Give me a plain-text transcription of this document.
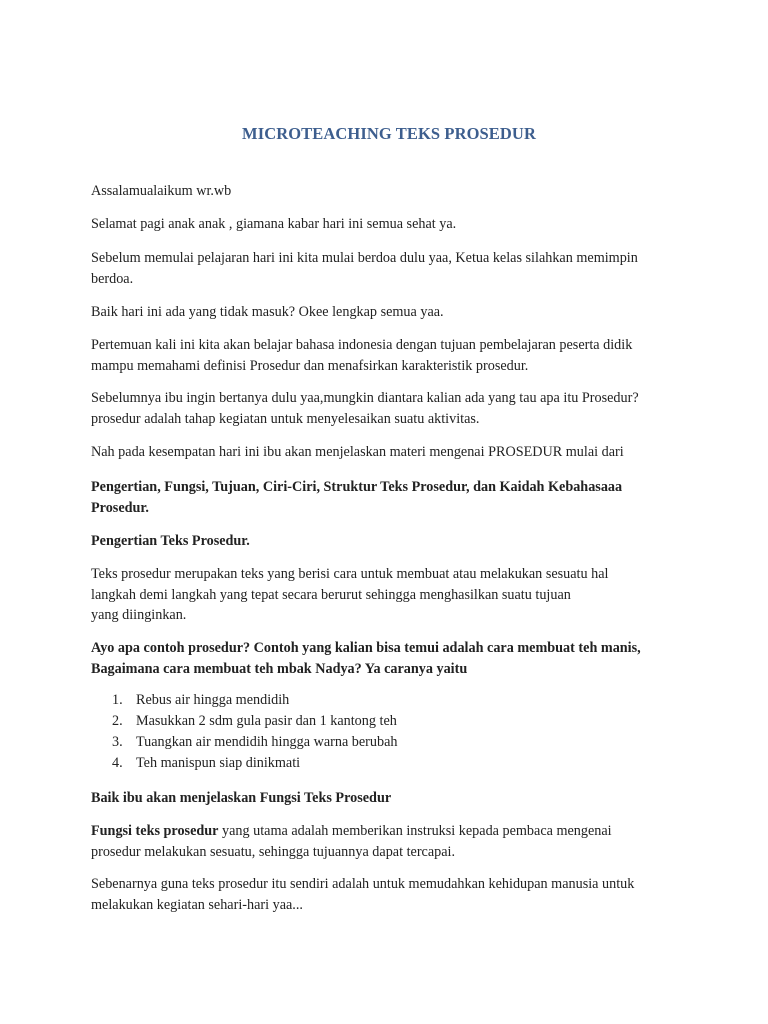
MICROTEACHING TEKS PROSEDUR
Assalamualaikum wr.wb
Selamat pagi anak anak , giamana kabar hari ini semua sehat ya.
Sebelum memulai pelajaran hari ini kita mulai berdoa dulu yaa, Ketua kelas silahkan memimpin
berdoa.
Baik hari ini ada yang tidak masuk? Okee lengkap semua yaa.
Pertemuan kali ini kita akan belajar bahasa indonesia dengan tujuan pembelajaran peserta didik
mampu memahami definisi Prosedur dan menafsirkan karakteristik prosedur.
Sebelumnya ibu ingin bertanya dulu yaa,mungkin diantara kalian ada yang tau apa itu Prosedur?
prosedur adalah tahap kegiatan untuk menyelesaikan suatu aktivitas.
Nah pada kesempatan hari ini ibu akan menjelaskan materi mengenai PROSEDUR mulai dari
Pengertian, Fungsi, Tujuan, Ciri-Ciri, Struktur Teks Prosedur, dan Kaidah Kebahasaaa
Prosedur.
Pengertian Teks Prosedur.
Teks prosedur merupakan teks yang berisi cara untuk membuat atau melakukan sesuatu hal
langkah demi langkah yang tepat secara berurut sehingga menghasilkan suatu tujuan
yang diinginkan.
Ayo apa contoh prosedur? Contoh yang kalian bisa temui adalah cara membuat teh manis,
Bagaimana cara membuat teh mbak Nadya? Ya caranya yaitu
1. Rebus air hingga mendidih
2. Masukkan 2 sdm gula pasir dan 1 kantong teh
3. Tuangkan air mendidih hingga warna berubah
4. Teh manispun siap dinikmati
Baik ibu akan menjelaskan Fungsi Teks Prosedur
Fungsi teks prosedur yang utama adalah memberikan instruksi kepada pembaca mengenai
prosedur melakukan sesuatu, sehingga tujuannya dapat tercapai.
Sebenarnya guna teks prosedur itu sendiri adalah untuk memudahkan kehidupan manusia untuk
melakukan kegiatan sehari-hari yaa...
